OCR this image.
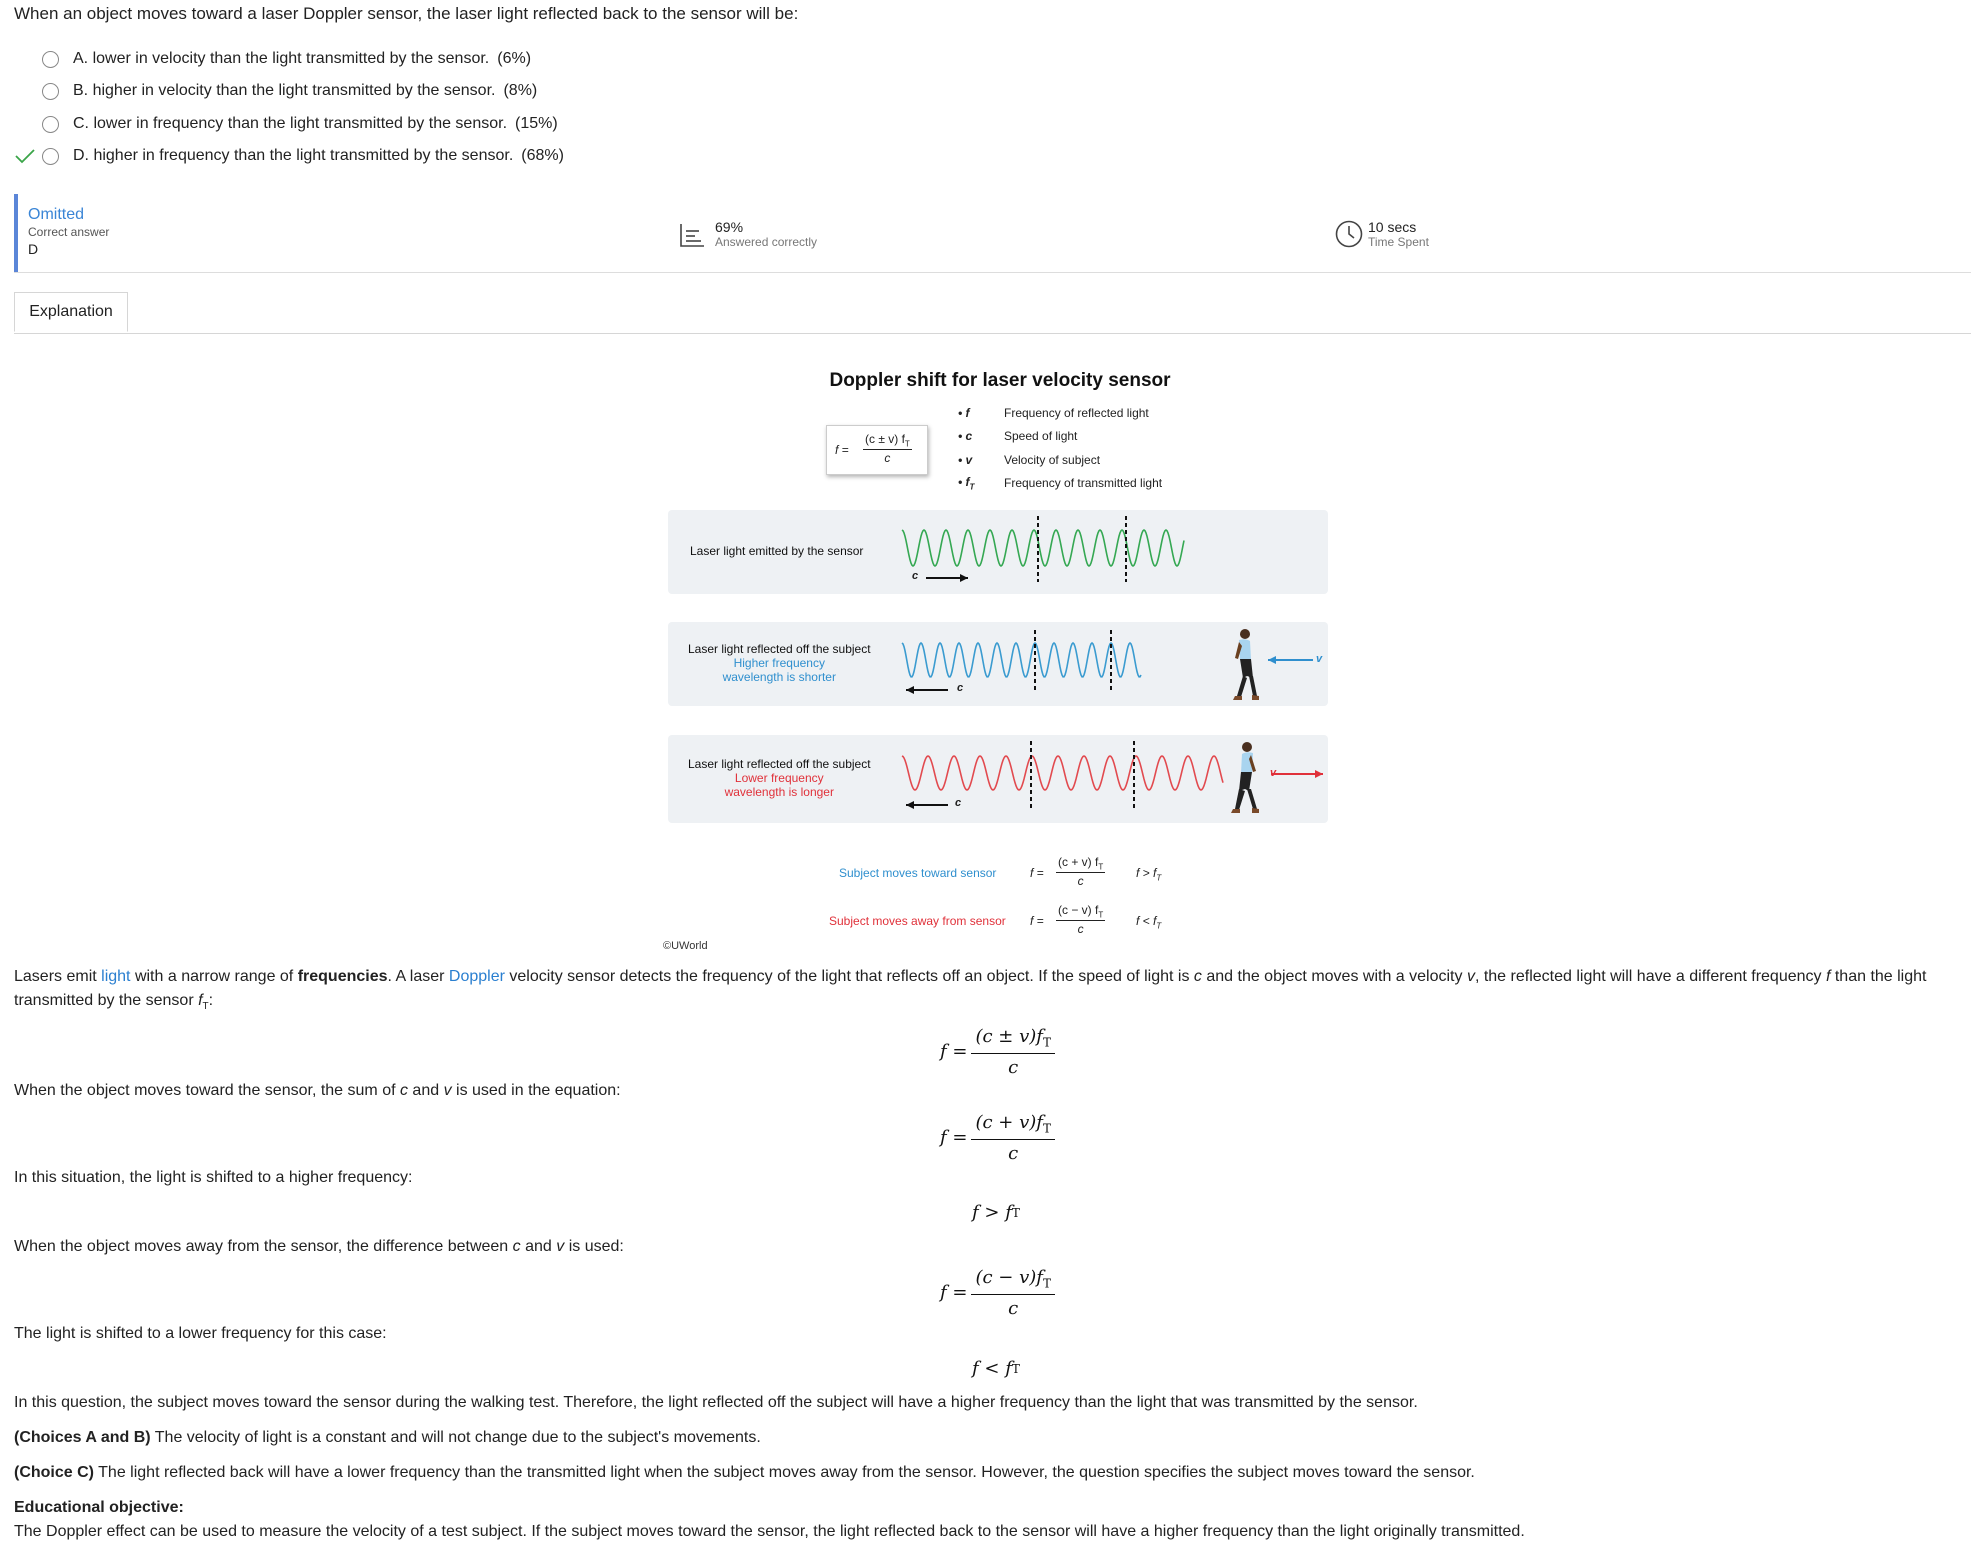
When an object moves toward a laser Doppler sensor, the laser light reflected back to the sensor will be:
A.
lower in velocity than the light transmitted by the sensor. (6%)
B.
higher in velocity than the light transmitted by the sensor. (8%)
C.
lower in frequency than the light transmitted by the sensor. (15%)
D.
higher in frequency than the light transmitted by the sensor. (68%)
Omitted
Correct answer
D
69%
Answered correctly
10 secs
Time Spent
Explanation
Doppler shift for laser velocity sensor
$f = \frac{(c \pm v) f_T}{c}$
• f	Frequency of reflected light
• c	Speed of light
• v	Velocity of subject
• $f_T$	Frequency of transmitted light
Laser light emitted by the sensor
c
Laser light reflected off the subject
Higher frequency
wavelength is shorter
c
v
Laser light reflected off the subject
Lower frequency
wavelength is longer
c
v
Subject moves toward sensor	$f = \frac{(c + v) f_T}{c}$	$f > f_T$
Subject moves away from sensor $f = \frac{(c - v) f_T}{c}$	$f < f_T$
©UWorld
Lasers emit light with a narrow range of frequencies. A laser Doppler velocity sensor detects the frequency of the light that reflects off an object. If the speed of light is c and the object moves with a velocity v, the reflected light will have a different frequency f than the light transmitted by the sensor $f_T$:
$f = \frac{(c \pm v)f_T}{c}$
When the object moves toward the sensor, the sum of c and v is used in the equation:
$f = \frac{(c + v)f_T}{c}$
In this situation, the light is shifted to a higher frequency:
f > f T
When the object moves away from the sensor, the difference between c and v is used:
$f = \frac{(c - v)f_T}{c}$
The light is shifted to a lower frequency for this case:
f < f T
In this question, the subject moves toward the sensor during the walking test. Therefore, the light reflected off the subject will have a higher frequency than the light that was transmitted by the sensor.
(Choices A and B) The velocity of light is a constant and will not change due to the subject's movements.
(Choice C) The light reflected back will have a lower frequency than the transmitted light when the subject moves away from the sensor. However, the question specifies the subject moves toward the sensor.
Educational objective:
The Doppler effect can be used to measure the velocity of a test subject. If the subject moves toward the sensor, the light reflected back to the sensor will have a higher frequency than the light originally transmitted.
